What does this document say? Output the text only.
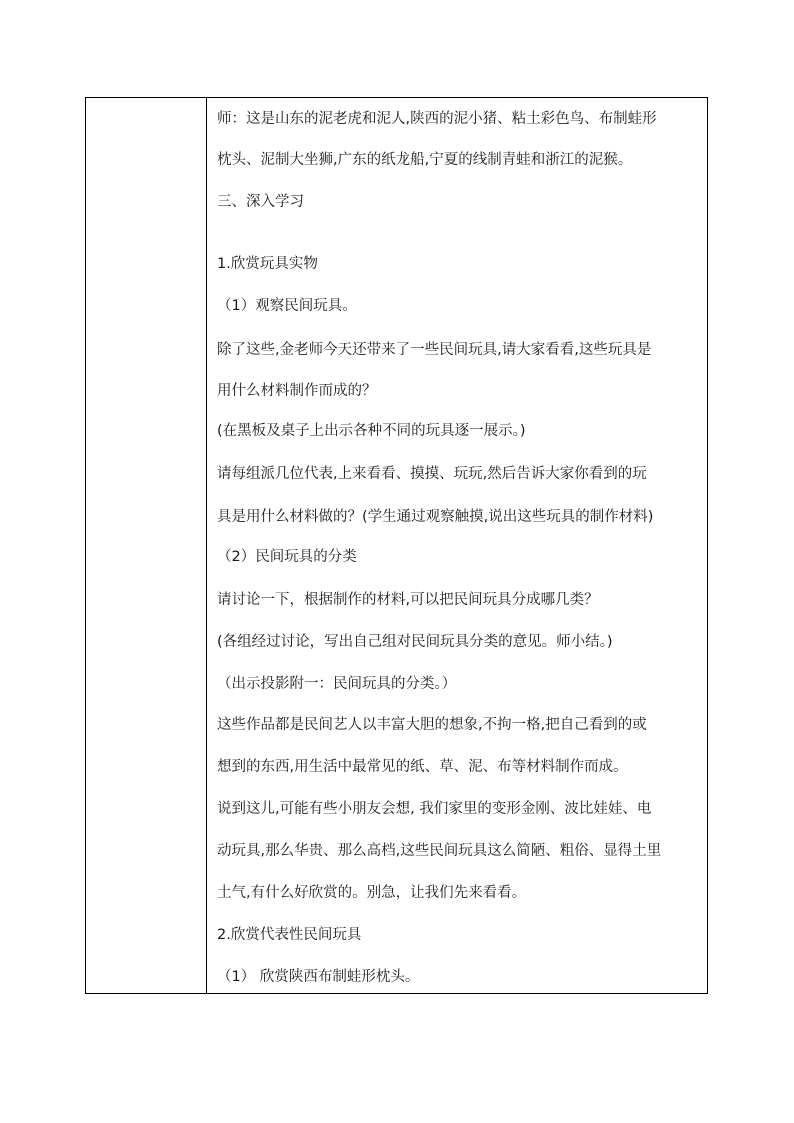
师：这是山东的泥老虎和泥人,陕西的泥小猪、粘土彩色鸟、布制蛙形
枕头、泥制大坐狮,广东的纸龙船,宁夏的线制青蛙和浙江的泥猴。
三、深入学习
1.欣赏玩具实物
（1）观察民间玩具。
除了这些,金老师今天还带来了一些民间玩具,请大家看看,这些玩具是
用什么材料制作而成的？
(在黑板及桌子上出示各种不同的玩具逐一展示。)
请每组派几位代表,上来看看、摸摸、玩玩,然后告诉大家你看到的玩
具是用什么材料做的？(学生通过观察触摸,说出这些玩具的制作材料)
（2）民间玩具的分类
请讨论一下，根据制作的材料,可以把民间玩具分成哪几类？
(各组经过讨论，写出自己组对民间玩具分类的意见。师小结。)
（出示投影附一：民间玩具的分类。）
这些作品都是民间艺人以丰富大胆的想象,不拘一格,把自己看到的或
想到的东西,用生活中最常见的纸、草、泥、布等材料制作而成。
说到这儿,可能有些小朋友会想, 我们家里的变形金刚、波比娃娃、电
动玩具,那么华贵、那么高档,这些民间玩具这么简陋、粗俗、显得土里
土气,有什么好欣赏的。别急，让我们先来看看。
2.欣赏代表性民间玩具
（1） 欣赏陕西布制蛙形枕头。
